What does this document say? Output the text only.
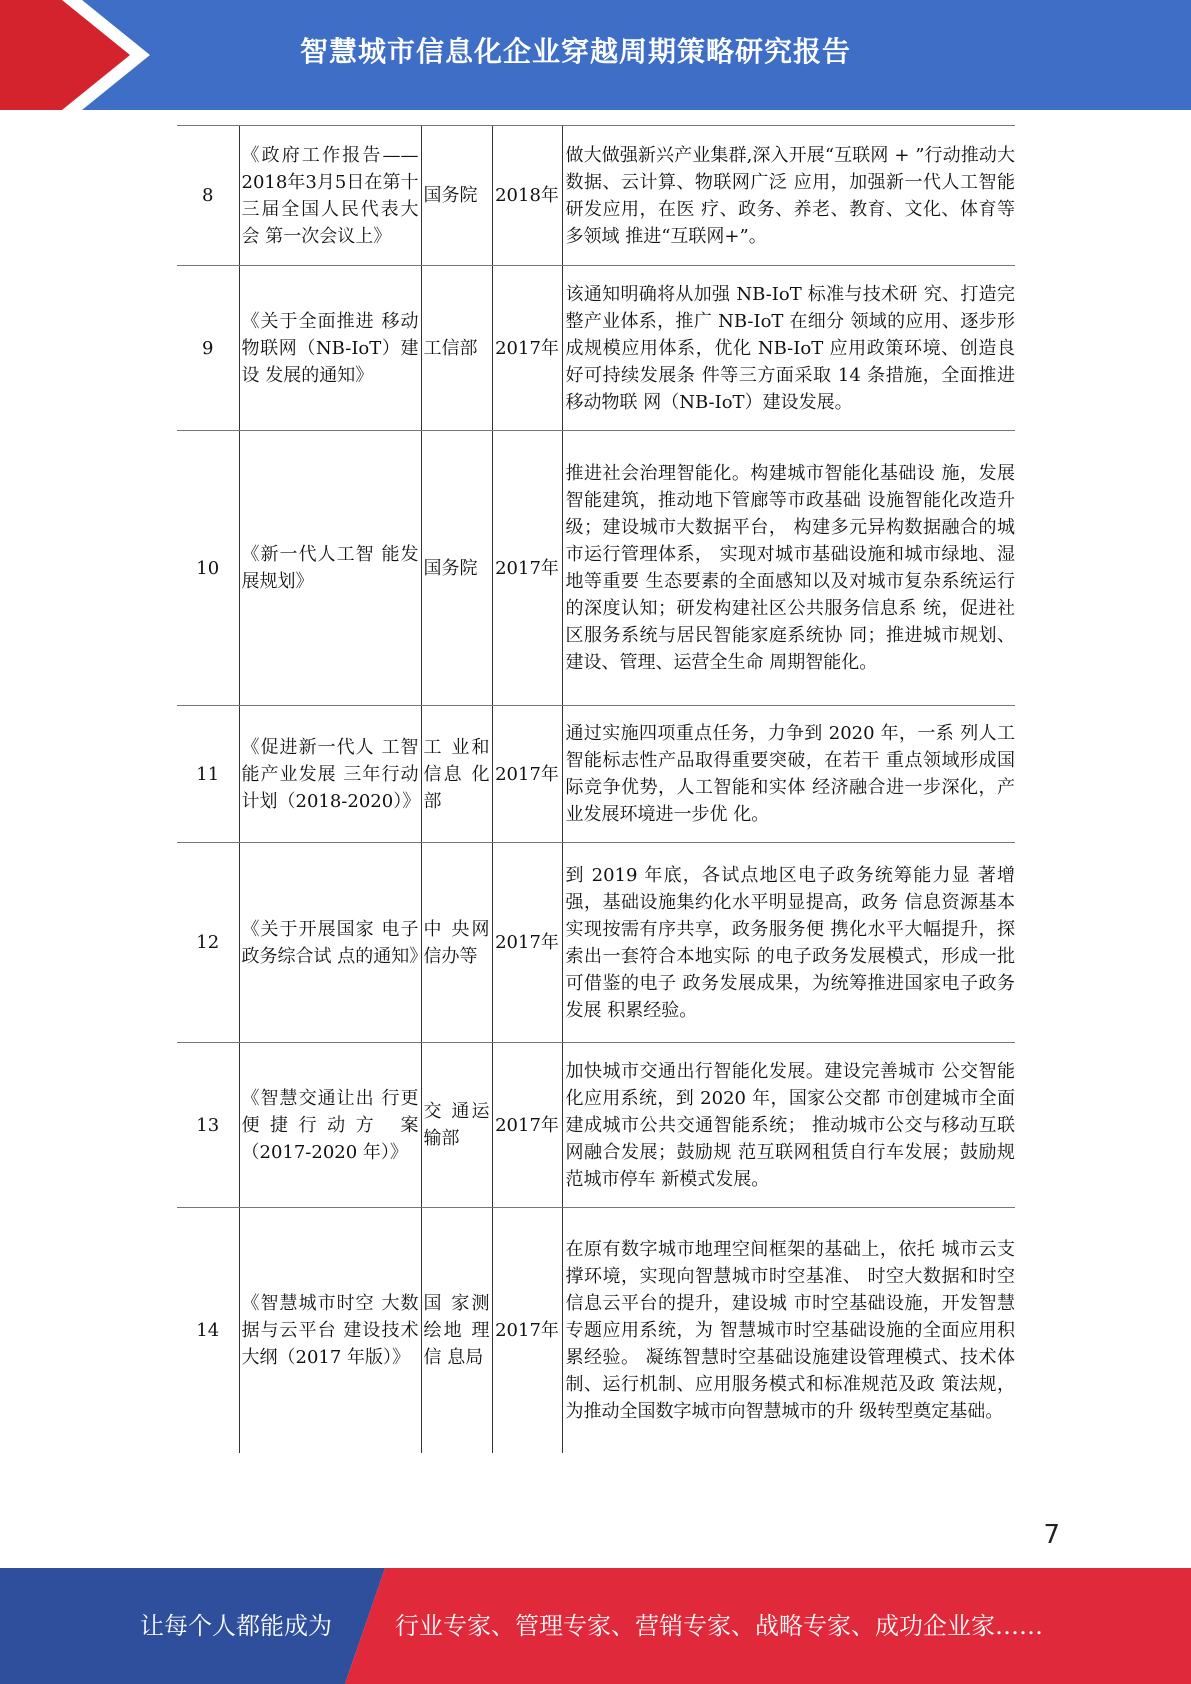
智慧城市信息化企业穿越周期策略研究报告
8	《政府工作报告——2018年3月5日在第十三届全国人民代表大会 第一次会议上》	国务院	2018年	做大做强新兴产业集群,深入开展“互联网 + ”行动推动大数据、云计算、物联网广泛 应用，加强新一代人工智能研发应用，在医 疗、政务、养老、教育、文化、体育等多领域 推进“互联网+”。
9	《关于全面推进 移动物联网（NB-IoT）建设 发展的通知》	工信部	2017年	该通知明确将从加强 NB-IoT 标准与技术研 究、打造完整产业体系，推广 NB-IoT 在细分 领域的应用、逐步形成规模应用体系，优化 NB-IoT 应用政策环境、创造良好可持续发展条 件等三方面采取 14 条措施，全面推进移动物联 网（NB-IoT）建设发展。
10	《新一代人工智 能发展规划》	国务院	2017年	推进社会治理智能化。构建城市智能化基础设 施，发展智能建筑，推动地下管廊等市政基础 设施智能化改造升级；建设城市大数据平台， 构建多元异构数据融合的城市运行管理体系， 实现对城市基础设施和城市绿地、湿地等重要 生态要素的全面感知以及对城市复杂系统运行 的深度认知；研发构建社区公共服务信息系 统，促进社区服务系统与居民智能家庭系统协 同；推进城市规划、建设、管理、运营全生命 周期智能化。
11	《促进新一代人 工智能产业发展 三年行动计划（2018-2020）》	工 业和 信息 化部	2017年	通过实施四项重点任务，力争到 2020 年，一系 列人工智能标志性产品取得重要突破，在若干 重点领域形成国际竞争优势，人工智能和实体 经济融合进一步深化，产业发展环境进一步优 化。
12	《关于开展国家 电子政务综合试 点的通知》	中 央网 信办等	2017年	到 2019 年底，各试点地区电子政务统筹能力显 著增强，基础设施集约化水平明显提高，政务 信息资源基本实现按需有序共享，政务服务便 携化水平大幅提升，探索出一套符合本地实际 的电子政务发展模式，形成一批可借鉴的电子 政务发展成果，为统筹推进国家电子政务发展 积累经验。
13	《智慧交通让出 行更便捷行动方 案（2017-2020 年）》	交 通运 输部	2017年	加快城市交通出行智能化发展。建设完善城市 公交智能化应用系统，到 2020 年，国家公交都 市创建城市全面建成城市公共交通智能系统； 推动城市公交与移动互联网融合发展；鼓励规 范互联网租赁自行车发展；鼓励规范城市停车 新模式发展。
14	《智慧城市时空 大数据与云平台 建设技术大纲（2017 年版）》	国 家测 绘地 理信 息局	2017年	在原有数字城市地理空间框架的基础上，依托 城市云支撑环境，实现向智慧城市时空基准、 时空大数据和时空信息云平台的提升，建设城 市时空基础设施，开发智慧专题应用系统，为 智慧城市时空基础设施的全面应用积累经验。 凝练智慧时空基础设施建设管理模式、技术体 制、运行机制、应用服务模式和标准规范及政 策法规，为推动全国数字城市向智慧城市的升 级转型奠定基础。
7
让每个人都能成为	行业专家、管理专家、营销专家、战略专家、成功企业家……
